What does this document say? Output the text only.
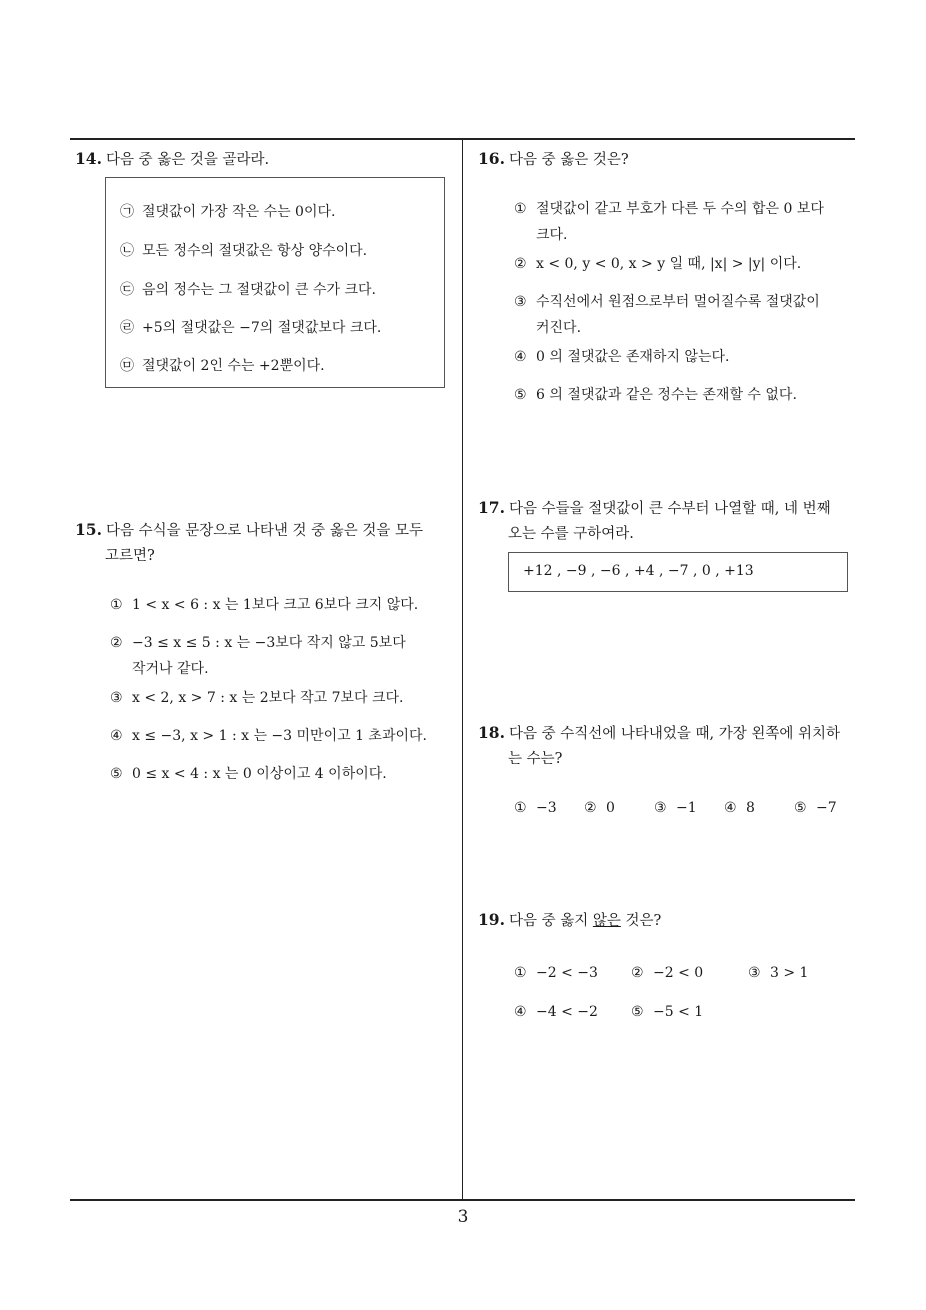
14. 다음 중 옳은 것을 골라라.
㉠ 절댓값이 가장 작은 수는 0이다.
㉡ 모든 정수의 절댓값은 항상 양수이다.
㉢ 음의 정수는 그 절댓값이 큰 수가 크다.
㉣ +5의 절댓값은 −7의 절댓값보다 크다.
㉤ 절댓값이 2인 수는 +2뿐이다.
15. 다음 수식을 문장으로 나타낸 것 중 옳은 것을 모두
고르면?
① 1 < x < 6 : x 는 1보다 크고 6보다 크지 않다.
② −3 ≤ x ≤ 5 : x 는 −3보다 작지 않고 5보다
작거나 같다.
③ x < 2, x > 7 : x 는 2보다 작고 7보다 크다.
④ x ≤ −3, x > 1 : x 는 −3 미만이고 1 초과이다.
⑤ 0 ≤ x < 4 : x 는 0 이상이고 4 이하이다.
16. 다음 중 옳은 것은?
① 절댓값이 같고 부호가 다른 두 수의 합은 0 보다
크다.
② x < 0, y < 0, x > y 일 때, |x| > |y| 이다.
③ 수직선에서 원점으로부터 멀어질수록 절댓값이
커진다.
④ 0 의 절댓값은 존재하지 않는다.
⑤ 6 의 절댓값과 같은 정수는 존재할 수 없다.
17. 다음 수들을 절댓값이 큰 수부터 나열할 때, 네 번째
오는 수를 구하여라.
+12 , −9 , −6 , +4 , −7 , 0 , +13
18. 다음 중 수직선에 나타내었을 때, 가장 왼쪽에 위치하
는 수는?
① −3 ② 0	③ −1 ④ 8	⑤ −7
19. 다음 중 옳지 않은 것은?
① −2 < −3 ② −2 < 0	③ 3 > 1
④ −4 < −2 ⑤ −5 < 1
3
